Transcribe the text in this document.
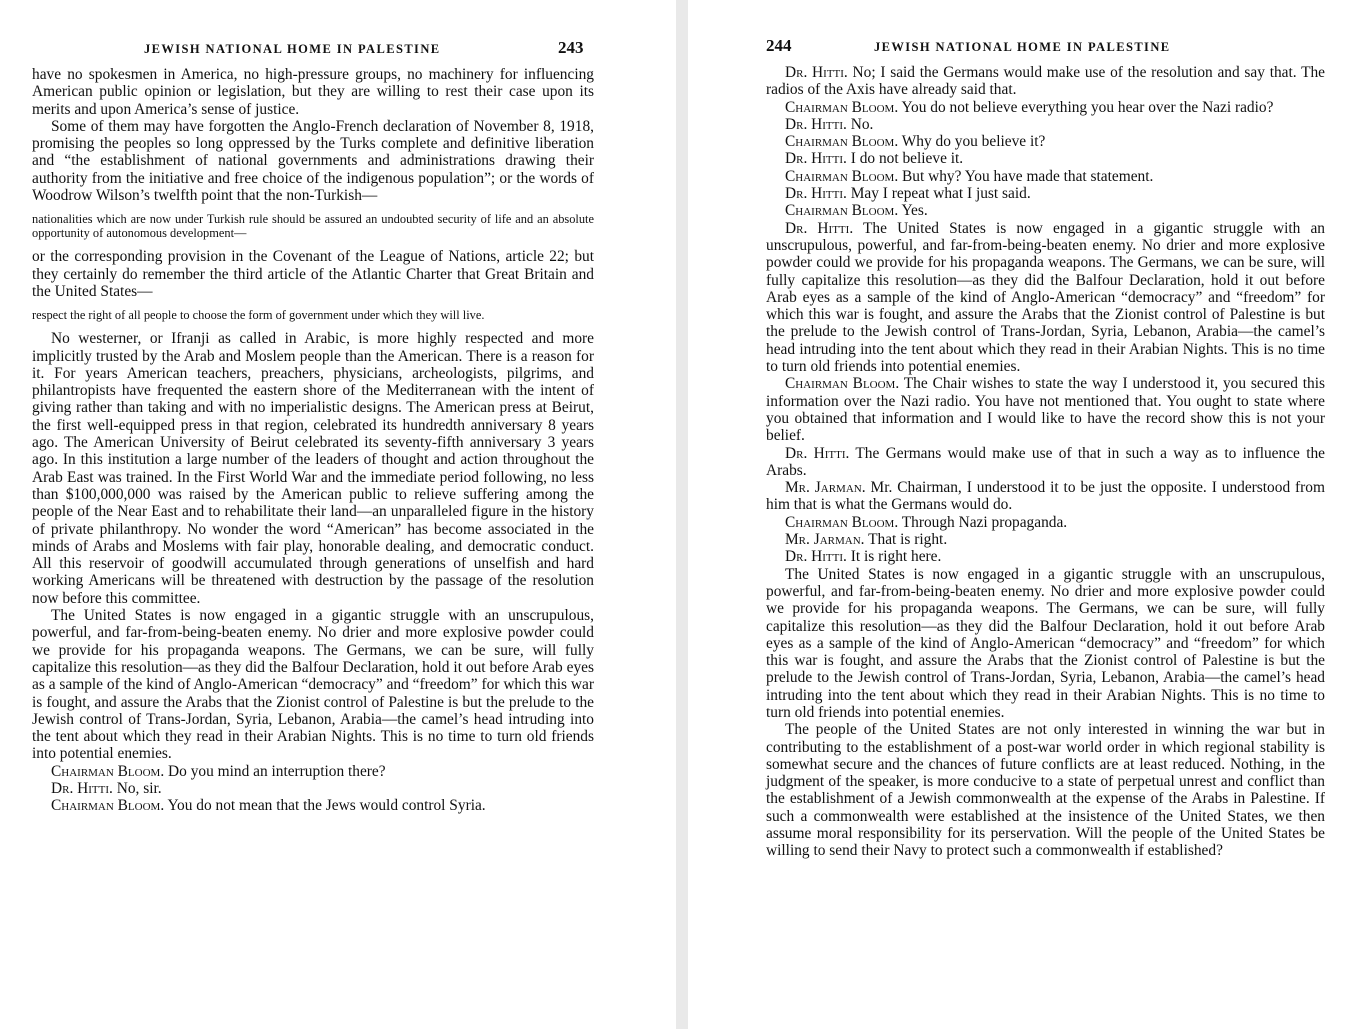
JEWISH NATIONAL HOME IN PALESTINE	243

have no spokesmen in America, no high-pressure groups, no machinery for influencing American public opinion or legislation, but they are willing to rest their case upon its merits and upon America’s sense of justice.

Some of them may have forgotten the Anglo-French declaration of November 8, 1918, promising the peoples so long oppressed by the Turks complete and definitive liberation and “the establishment of national governments and administrations drawing their authority from the initiative and free choice of the indigenous population”; or the words of Woodrow Wilson’s twelfth point that the non-Turkish—

nationalities which are now under Turkish rule should be assured an undoubted security of life and an absolute opportunity of autonomous development—

or the corresponding provision in the Covenant of the League of Nations, article 22; but they certainly do remember the third article of the Atlantic Charter that Great Britain and the United States—

respect the right of all people to choose the form of government under which they will live.

No westerner, or Ifranji as called in Arabic, is more highly respected and more implicitly trusted by the Arab and Moslem people than the American. There is a reason for it. For years American teachers, preachers, physicians, archeologists, pilgrims, and philantropists have frequented the eastern shore of the Mediterranean with the intent of giving rather than taking and with no imperialistic designs. The American press at Beirut, the first well-equipped press in that region, celebrated its hundredth anniversary 8 years ago. The American University of Beirut celebrated its seventy-fifth anniversary 3 years ago. In this institution a large number of the leaders of thought and action throughout the Arab East was trained. In the First World War and the immediate period following, no less than $100,000,000 was raised by the American public to relieve suffering among the people of the Near East and to rehabilitate their land—an unparalleled figure in the history of private philanthropy. No wonder the word “American” has become associated in the minds of Arabs and Moslems with fair play, honorable dealing, and democratic conduct. All this reservoir of goodwill accumulated through generations of unselfish and hard working Americans will be threatened with destruction by the passage of the resolution now before this committee.

The United States is now engaged in a gigantic struggle with an unscrupulous, powerful, and far-from-being-beaten enemy. No drier and more explosive powder could we provide for his propaganda weapons. The Germans, we can be sure, will fully capitalize this resolution—as they did the Balfour Declaration, hold it out before Arab eyes as a sample of the kind of Anglo-American “democracy” and “freedom” for which this war is fought, and assure the Arabs that the Zionist control of Palestine is but the prelude to the Jewish control of Trans-Jordan, Syria, Lebanon, Arabia—the camel’s head intruding into the tent about which they read in their Arabian Nights. This is no time to turn old friends into potential enemies.

Chairman Bloom. Do you mind an interruption there?

Dr. Hitti. No, sir.

Chairman Bloom. You do not mean that the Jews would control Syria.

244	JEWISH NATIONAL HOME IN PALESTINE

Dr. Hitti. No; I said the Germans would make use of the resolution and say that. The radios of the Axis have already said that.

Chairman Bloom. You do not believe everything you hear over the Nazi radio?

Dr. Hitti. No.

Chairman Bloom. Why do you believe it?

Dr. Hitti. I do not believe it.

Chairman Bloom. But why? You have made that statement.

Dr. Hitti. May I repeat what I just said.

Chairman Bloom. Yes.

Dr. Hitti. The United States is now engaged in a gigantic struggle with an unscrupulous, powerful, and far-from-being-beaten enemy. No drier and more explosive powder could we provide for his propaganda weapons. The Germans, we can be sure, will fully capitalize this resolution—as they did the Balfour Declaration, hold it out before Arab eyes as a sample of the kind of Anglo-American “democracy” and “freedom” for which this war is fought, and assure the Arabs that the Zionist control of Palestine is but the prelude to the Jewish control of Trans-Jordan, Syria, Lebanon, Arabia—the camel’s head intruding into the tent about which they read in their Arabian Nights. This is no time to turn old friends into potential enemies.

Chairman Bloom. The Chair wishes to state the way I understood it, you secured this information over the Nazi radio. You have not mentioned that. You ought to state where you obtained that information and I would like to have the record show this is not your belief.

Dr. Hitti. The Germans would make use of that in such a way as to influence the Arabs.

Mr. Jarman. Mr. Chairman, I understood it to be just the opposite. I understood from him that is what the Germans would do.

Chairman Bloom. Through Nazi propaganda.

Mr. Jarman. That is right.

Dr. Hitti. It is right here.

The United States is now engaged in a gigantic struggle with an unscrupulous, powerful, and far-from-being-beaten enemy. No drier and more explosive powder could we provide for his propaganda weapons. The Germans, we can be sure, will fully capitalize this resolution—as they did the Balfour Declaration, hold it out before Arab eyes as a sample of the kind of Anglo-American “democracy” and “freedom” for which this war is fought, and assure the Arabs that the Zionist control of Palestine is but the prelude to the Jewish control of Trans-Jordan, Syria, Lebanon, Arabia—the camel’s head intruding into the tent about which they read in their Arabian Nights. This is no time to turn old friends into potential enemies.

The people of the United States are not only interested in winning the war but in contributing to the establishment of a post-war world order in which regional stability is somewhat secure and the chances of future conflicts are at least reduced. Nothing, in the judgment of the speaker, is more conducive to a state of perpetual unrest and conflict than the establishment of a Jewish commonwealth at the expense of the Arabs in Palestine. If such a commonwealth were established at the insistence of the United States, we then assume moral responsibility for its perservation. Will the people of the United States be willing to send their Navy to protect such a commonwealth if established?
